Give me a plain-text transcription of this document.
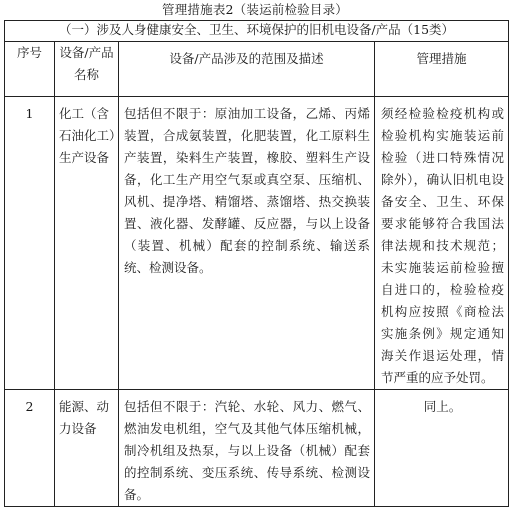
管理措施表2（装运前检验目录）
（一）涉及人身健康安全、卫生、环境保护的旧机电设备/产品（15类）			
序号	设备/产品名称	设备/产品涉及的范围及描述	管理措施
1	化工（含石油化工）生产设备	包括但不限于：原油加工设备，乙烯、丙烯装置，合成氨装置，化肥装置，化工原料生产装置，染料生产装置，橡胶、塑料生产设备，化工生产用空气泵或真空泵、压缩机、风机、提净塔、精馏塔、蒸馏塔、热交换装置、液化器、发酵罐、反应器，与以上设备（装置、机械）配套的控制系统、输送系统、检测设备。	须经检验检疫机构或检验机构实施装运前检验（进口特殊情况除外），确认旧机电设备安全、卫生、环保要求能够符合我国法律法规和技术规范；未实施装运前检验擅自进口的，检验检疫机构应按照《商检法实施条例》规定通知海关作退运处理，情节严重的应予处罚。
2	能源、动力设备	包括但不限于：汽轮、水轮、风力、燃气、燃油发电机组，空气及其他气体压缩机械，制冷机组及热泵，与以上设备（机械）配套的控制系统、变压系统、传导系统、检测设备。	同上。
